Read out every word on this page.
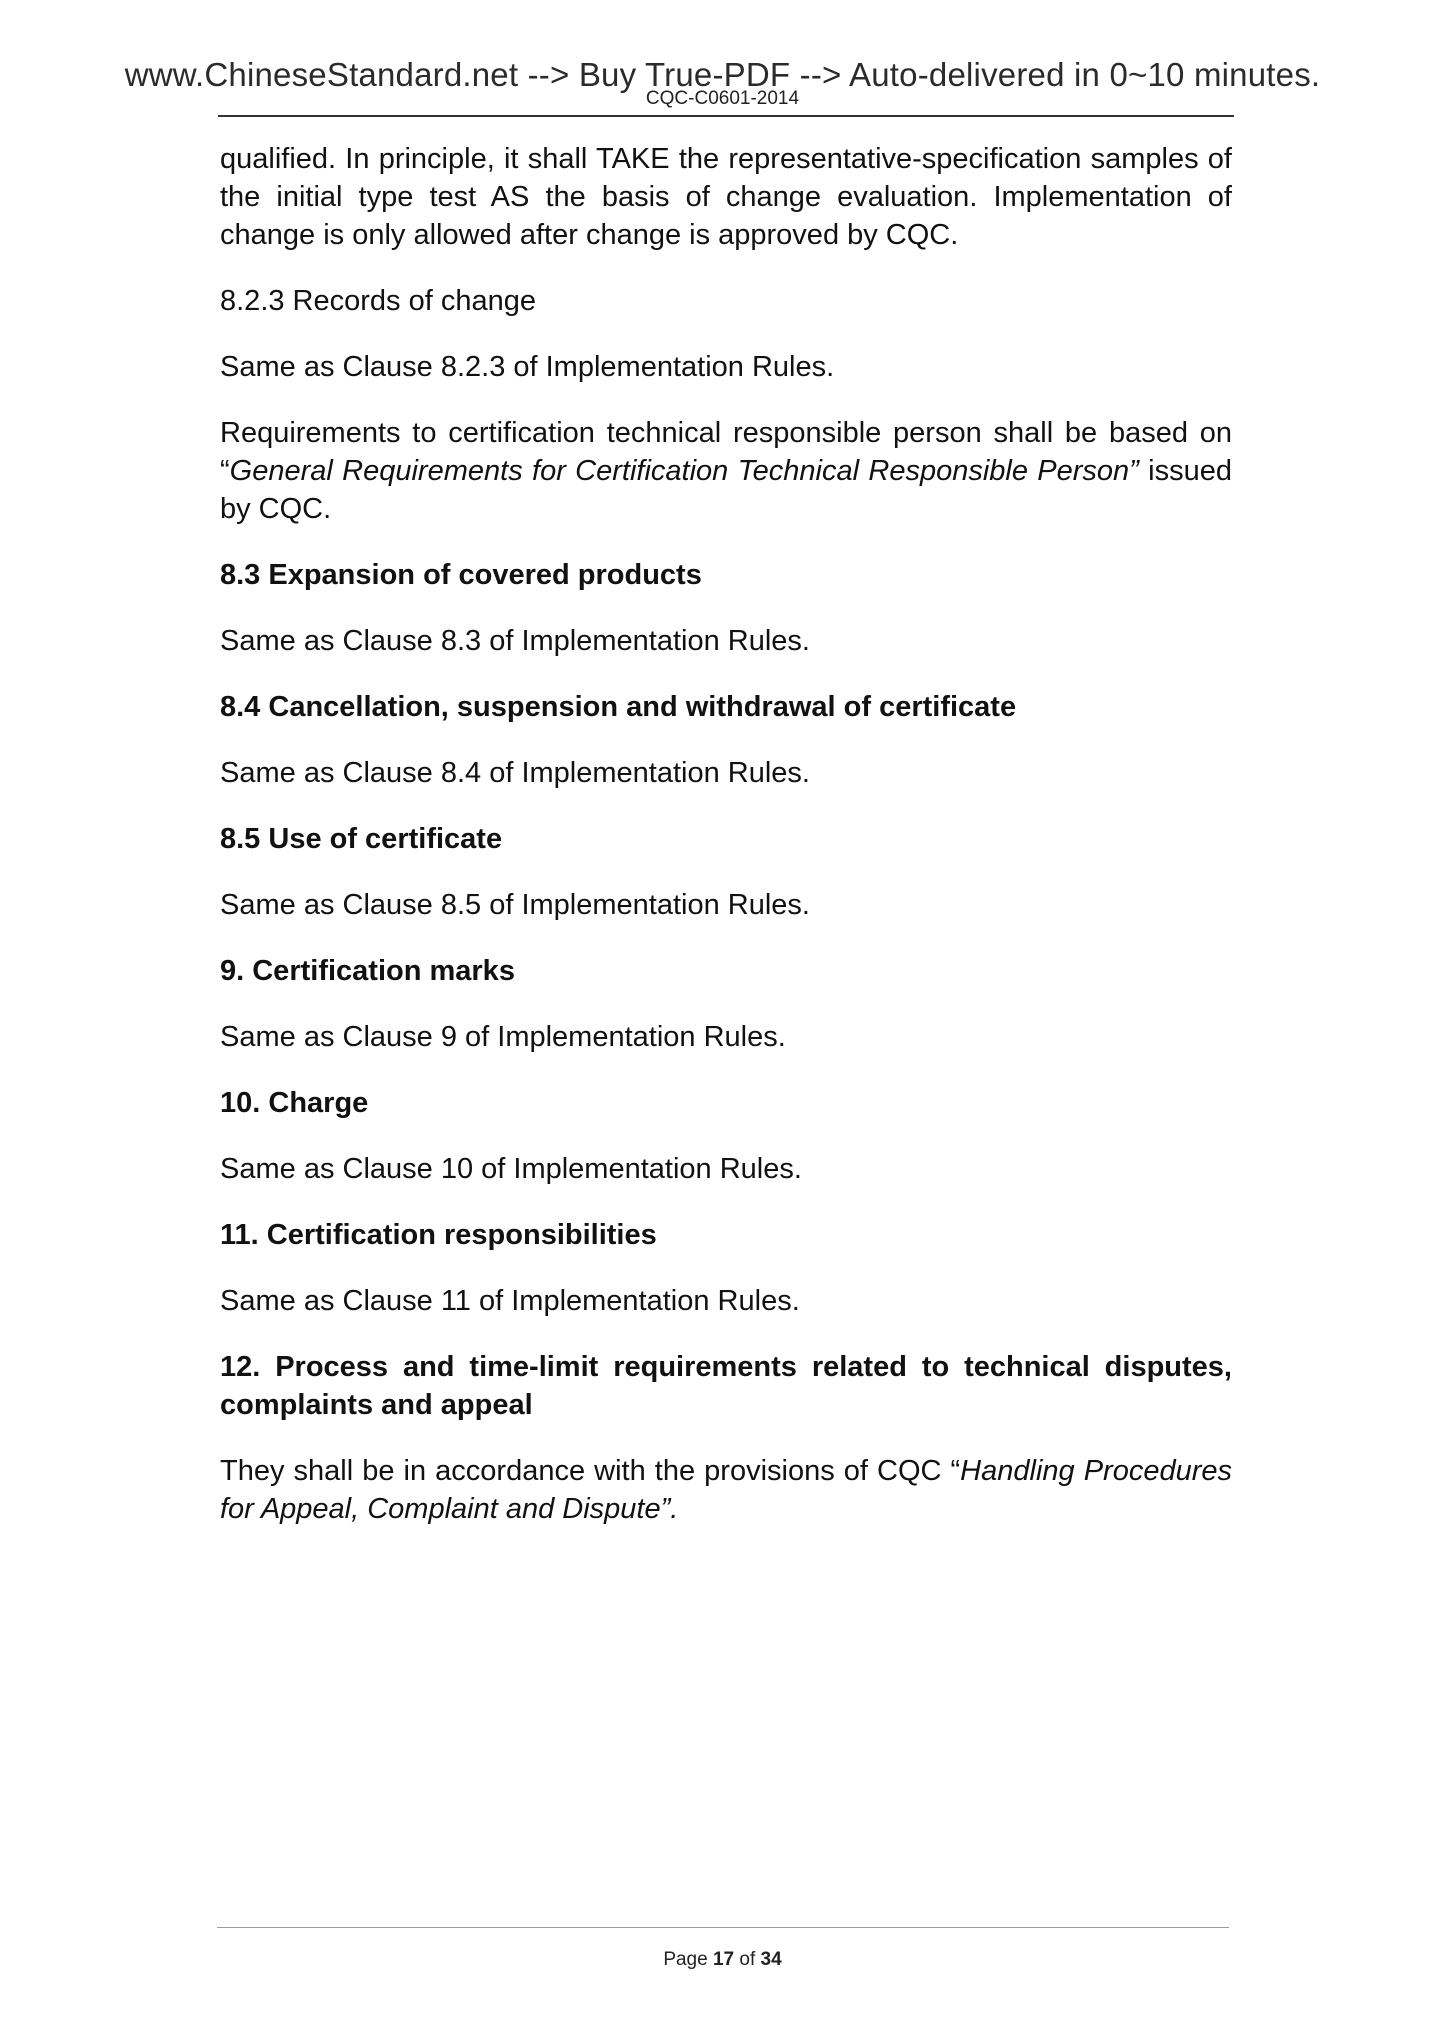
www.ChineseStandard.net --> Buy True-PDF --> Auto-delivered in 0~10 minutes.
CQC-C0601-2014

qualified. In principle, it shall TAKE the representative-specification samples of the initial type test AS the basis of change evaluation. Implementation of change is only allowed after change is approved by CQC.

8.2.3 Records of change

Same as Clause 8.2.3 of Implementation Rules.

Requirements to certification technical responsible person shall be based on “General Requirements for Certification Technical Responsible Person” issued by CQC.

8.3 Expansion of covered products

Same as Clause 8.3 of Implementation Rules.

8.4 Cancellation, suspension and withdrawal of certificate

Same as Clause 8.4 of Implementation Rules.

8.5 Use of certificate

Same as Clause 8.5 of Implementation Rules.

9. Certification marks

Same as Clause 9 of Implementation Rules.

10. Charge

Same as Clause 10 of Implementation Rules.

11. Certification responsibilities

Same as Clause 11 of Implementation Rules.

12. Process and time-limit requirements related to technical disputes, complaints and appeal

They shall be in accordance with the provisions of CQC “Handling Procedures for Appeal, Complaint and Dispute”.

Page 17 of 34
